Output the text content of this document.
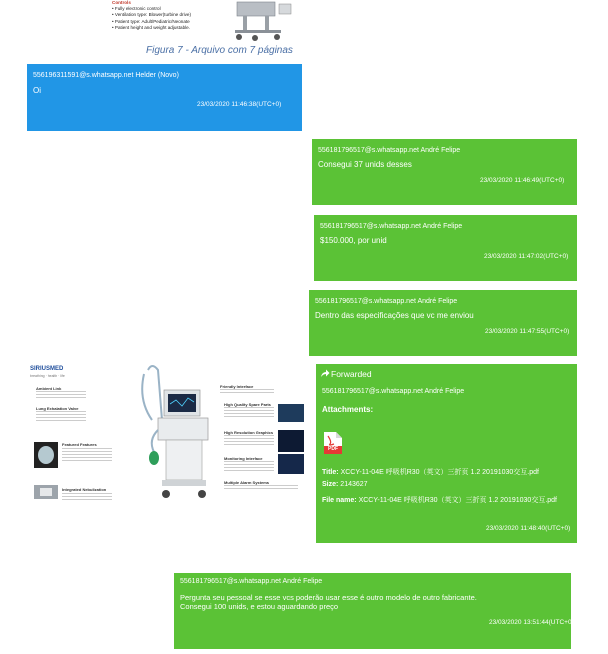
Controls
• Fully electronic control
• Ventilation type: Blower(turbine drive)
• Patient type: Adult/Pediatric/Neonate
• Patient height and weight adjustable.
Figura 7 - Arquivo com 7 páginas
556196311591@s.whatsapp.net Helder (Novo)
Oi
23/03/2020 11:46:38(UTC+0)
556181796517@s.whatsapp.net André Felipe
Consegui 37 unids desses
23/03/2020 11:46:49(UTC+0)
556181796517@s.whatsapp.net André Felipe
$150.000, por unid
23/03/2020 11:47:02(UTC+0)
556181796517@s.whatsapp.net André Felipe
Dentro das especificações que vc me enviou
23/03/2020 11:47:55(UTC+0)
SIRIUSMED
breathing · health · life
Ambient Link
Lung Exhalation Valve
Featured Features
Integrated Nebulization
Friendly Interface
High Quality Spare Parts
High Resolution Graphics
Monitoring Interface
Multiple Alarm Systems
Forwarded
556181796517@s.whatsapp.net André Felipe
Attachments:
PDF
Title: XCCY-11-04E 呼吸机R30（英文）三折页 1.2 20191030交互.pdf
Size: 2143627
File name: XCCY-11-04E 呼吸机R30（英文）三折页 1.2 20191030交互.pdf
23/03/2020 11:48:40(UTC+0)
556181796517@s.whatsapp.net André Felipe
Pergunta seu pessoal se esse vcs poderão usar esse é outro modelo de outro fabricante.
Consegui 100 unids, e estou aguardando preço
23/03/2020 13:51:44(UTC+0)
